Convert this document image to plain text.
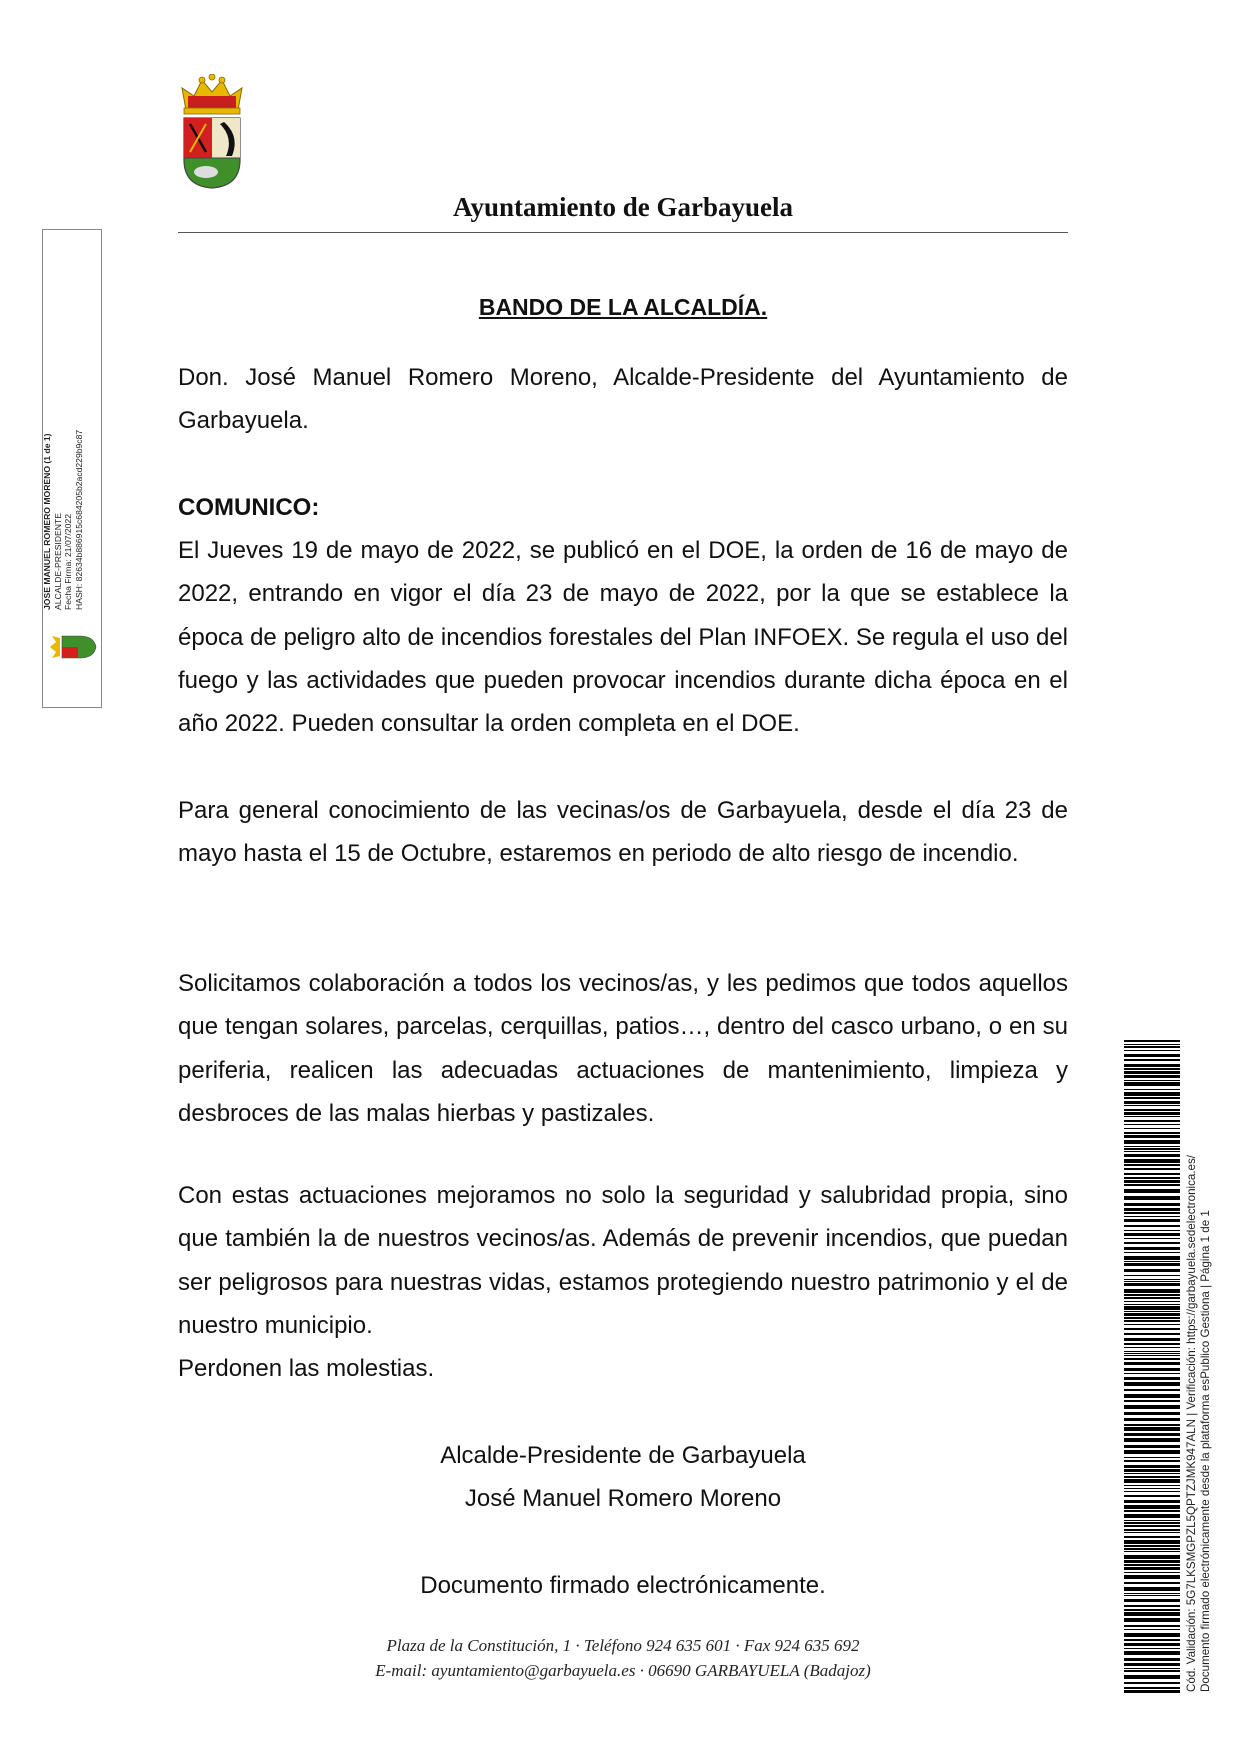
Ayuntamiento de Garbayuela
BANDO DE LA ALCALDÍA.

Don. José Manuel Romero Moreno, Alcalde-Presidente del Ayuntamiento de Garbayuela.

COMUNICO:

El Jueves 19 de mayo de 2022, se publicó en el DOE, la orden de 16 de mayo de 2022, entrando en vigor el día 23 de mayo de 2022, por la que se establece la época de peligro alto de incendios forestales del Plan INFOEX. Se regula el uso del fuego y las actividades que pueden provocar incendios durante dicha época en el año 2022. Pueden consultar la orden completa en el DOE.

Para general conocimiento de las vecinas/os de Garbayuela, desde el día 23 de mayo hasta el 15 de Octubre, estaremos en periodo de alto riesgo de incendio.

Solicitamos colaboración a todos los vecinos/as, y les pedimos que todos aquellos que tengan solares, parcelas, cerquillas, patios…, dentro del casco urbano, o en su periferia, realicen las adecuadas actuaciones de mantenimiento, limpieza y desbroces de las malas hierbas y pastizales.

Con estas actuaciones mejoramos no solo la seguridad y salubridad propia, sino que también la de nuestros vecinos/as. Además de prevenir incendios, que puedan ser peligrosos para nuestras vidas, estamos protegiendo nuestro patrimonio y el de nuestro municipio.

Perdonen las molestias.

Alcalde-Presidente de Garbayuela
José Manuel Romero Moreno
Documento firmado electrónicamente.
Plaza de la Constitución, 1 · Teléfono 924 635 601 · Fax 924 635 692
E-mail: ayuntamiento@garbayuela.es · 06690 GARBAYUELA (Badajoz)
JOSE MANUEL ROMERO MORENO (1 de 1) ALCALDE-PRESIDENTE Fecha Firma: 21/07/2022 HASH: 82634b886915c684205b2acd229b9c87
Cód. Validación: 5G7LKSMGPZL5QPTZJMK947ALN | Verificación: https://garbayuela.sedelectronica.es/ Documento firmado electrónicamente desde la plataforma esPublico Gestiona | Página 1 de 1
